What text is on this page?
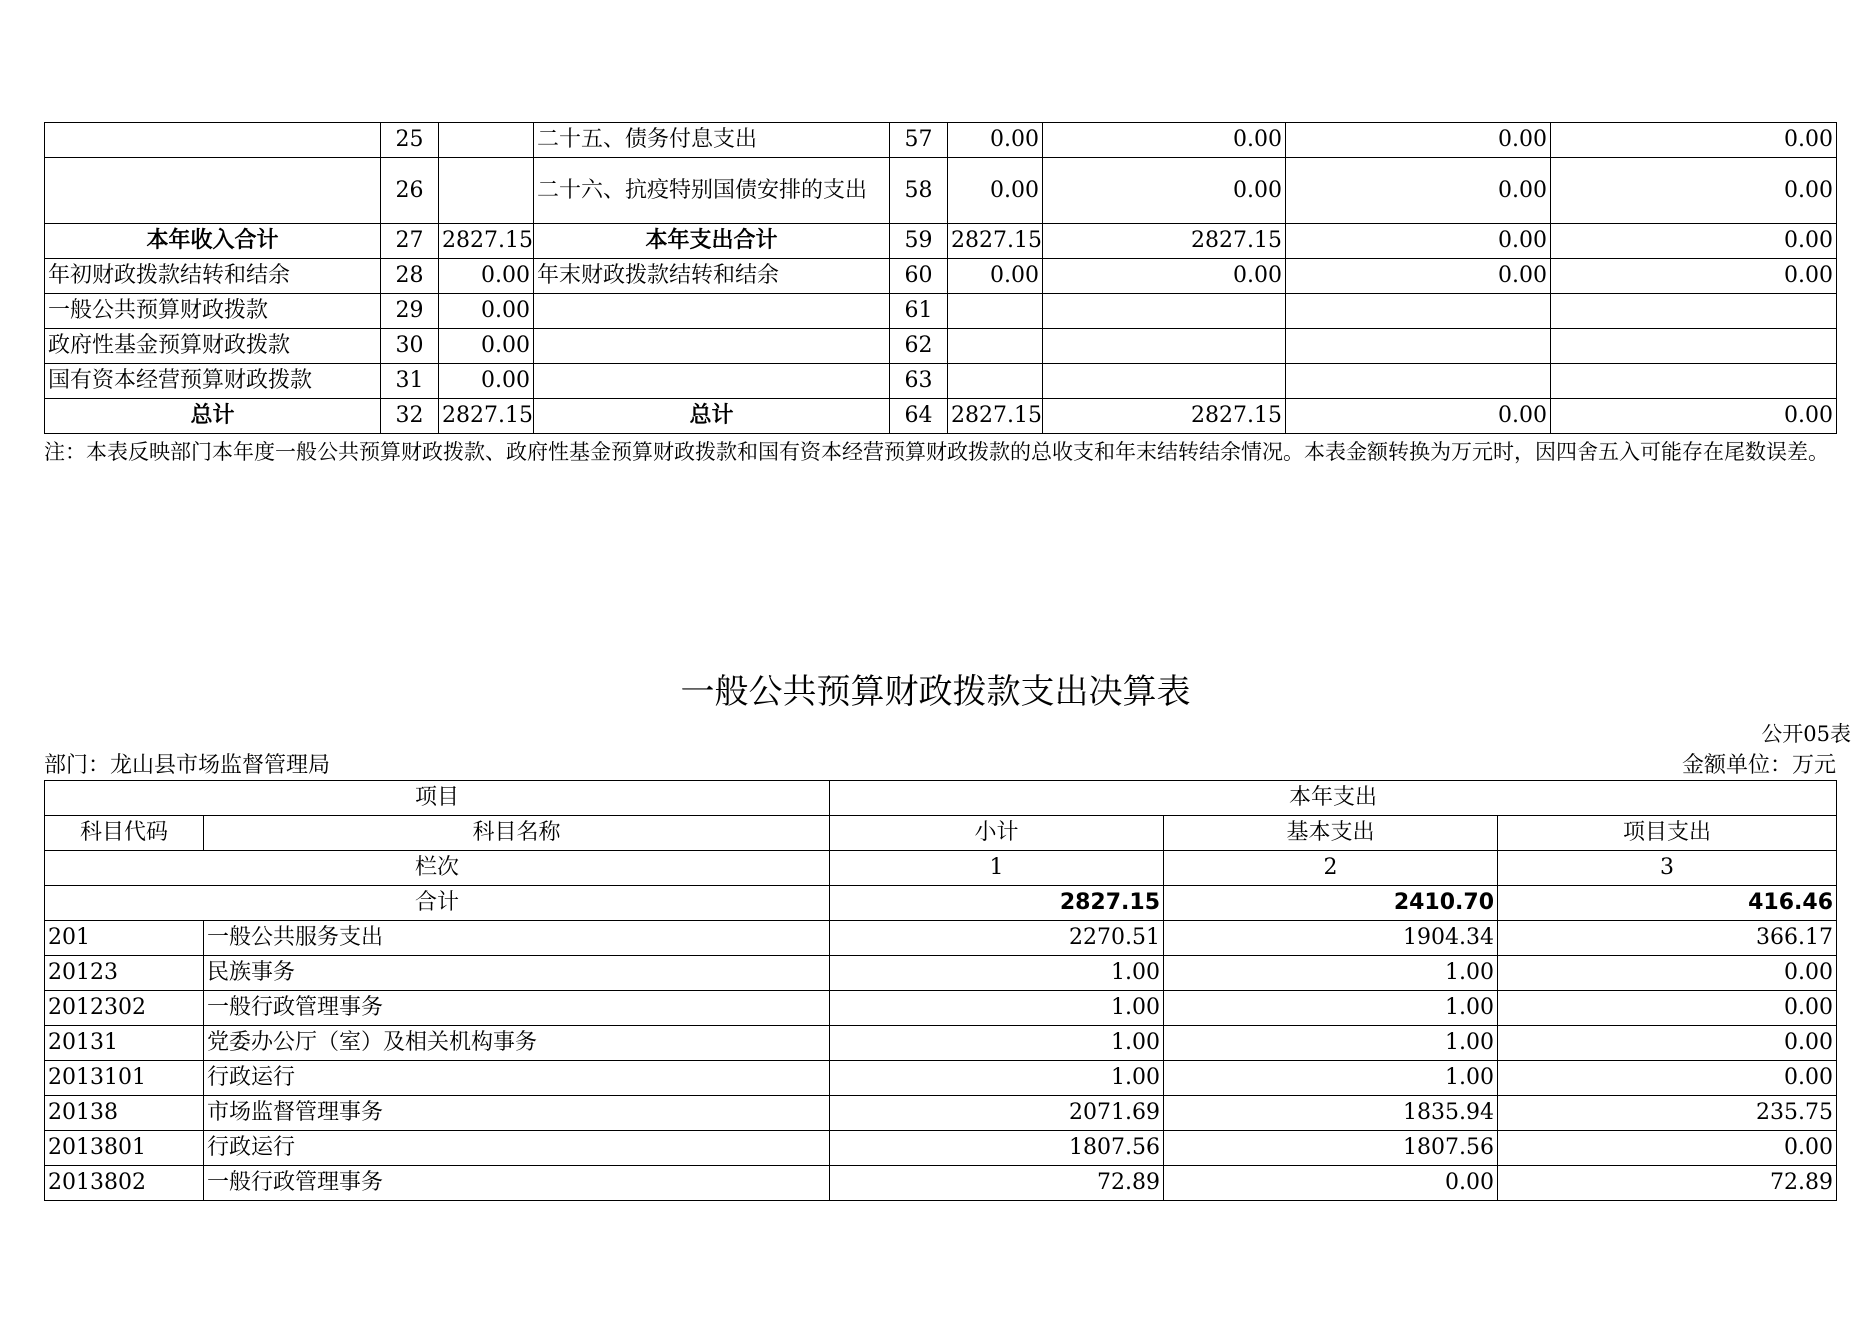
	25		二十五、债务付息支出	57	0.00	0.00	0.00	0.00
	26		二十六、抗疫特别国债安排的支出	58	0.00	0.00	0.00	0.00
本年收入合计	27	2827.15	本年支出合计	59	2827.15	2827.15	0.00	0.00
年初财政拨款结转和结余	28	0.00	年末财政拨款结转和结余	60	0.00	0.00	0.00	0.00
一般公共预算财政拨款	29	0.00		61				
政府性基金预算财政拨款	30	0.00		62				
国有资本经营预算财政拨款	31	0.00		63				
总计	32	2827.15	总计	64	2827.15	2827.15	0.00	0.00
注：本表反映部门本年度一般公共预算财政拨款、政府性基金预算财政拨款和国有资本经营预算财政拨款的总收支和年末结转结余情况。本表金额转换为万元时，因四舍五入可能存在尾数误差。
一般公共预算财政拨款支出决算表
公开05表
部门：龙山县市场监督管理局	金额单位：万元
项目		本年支出		
科目代码	科目名称	小计	基本支出	项目支出
栏次		1	2	3
合计		2827.15	2410.70	416.46
201	一般公共服务支出	2270.51	1904.34	366.17
20123	民族事务	1.00	1.00	0.00
2012302	一般行政管理事务	1.00	1.00	0.00
20131	党委办公厅（室）及相关机构事务	1.00	1.00	0.00
2013101	行政运行	1.00	1.00	0.00
20138	市场监督管理事务	2071.69	1835.94	235.75
2013801	行政运行	1807.56	1807.56	0.00
2013802	一般行政管理事务	72.89	0.00	72.89
